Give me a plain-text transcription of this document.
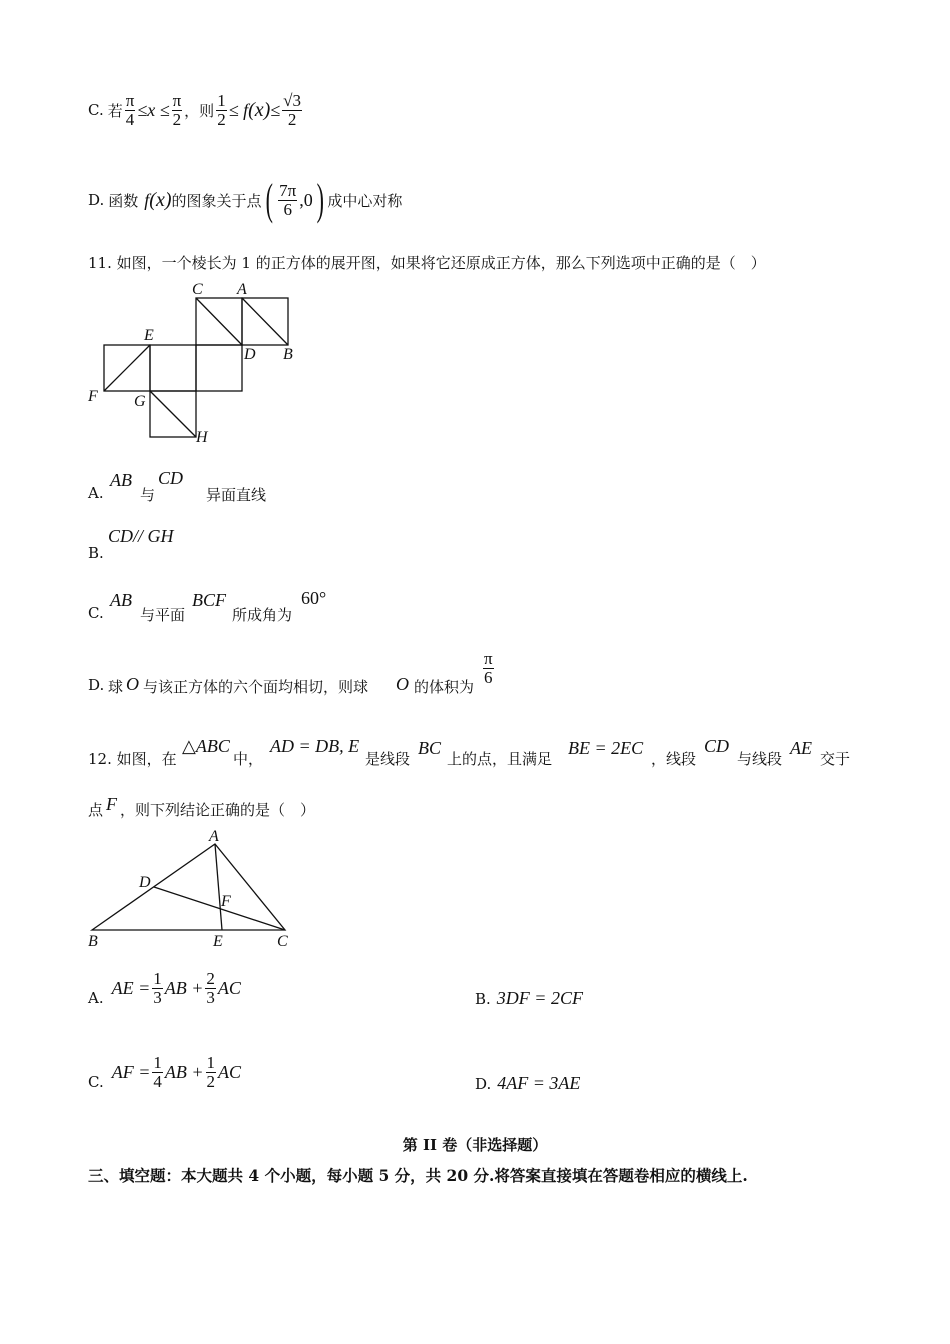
C. 若 $\frac{\pi}{4} \le x \le \frac{\pi}{2}$ ，则 $\frac{1}{2} \le f$ $(x) \le \frac{√3}{2}$
D. 函数 f (x) 的图象关于点 ( $\frac{7\pi}{6} ,0$ ) 成中心对称
11. 如图，一个棱长为 1 的正方体的展开图，如果将它还原成正方体，那么下列选项中正确的是（　）
C A
E
D B
F G
H
A.
AB
与
CD
异面直线
B.
CD// GH
C.
AB
与平面
BCF
所成角为
60°
D. 球 O 与该正方体的六个面均相切，则球 O 的体积为
$\frac{\pi}{6}$
12. 如图，在
△ABC
中，
AD = DB, E
是线段
BC
上的点，且满足
BE = 2EC
，线段
CD
与线段
AE
交于
点 F ，则下列结论正确的是（　）
A
D
F
B	E	C
A.
AE = $\frac{1}{3}$ AB + $\frac{2}{3}$ AC
B. 3DF = 2CF
C.
AF = $\frac{1}{4}$ AB + $\frac{1}{2}$ AC
D. 4AF = 3AE
第 II 卷（非选择题）
三、填空题：本大题共 4 个小题，每小题 5 分，共 20 分.将答案直接填在答题卷相应的横线上.
